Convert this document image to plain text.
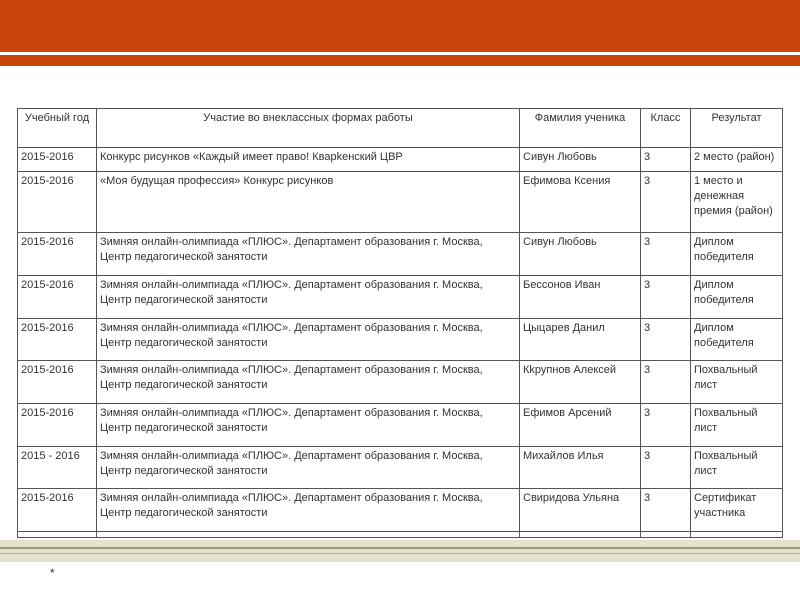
Учебный год	Участие во внеклассных формах работы	Фамилия ученика	Класс	Результат
2015-2016	Конкурс рисунков «Каждый имеет право! Кварkенский ЦВР	Сивун Любовь	3	2 место (район)
2015-2016	«Моя будущая профессия» Конкурс рисунков	Ефимова Ксения	3	1 место и денежная премия (район)
2015-2016	Зимняя онлайн-олимпиада «ПЛЮС». Департамент образования г. Москва, Центр педагогической занятости	Сивун Любовь	3	Диплом победителя
2015-2016	Зимняя онлайн-олимпиада «ПЛЮС». Департамент образования г. Москва, Центр педагогической занятости	Бессонов Иван	3	Диплом победителя
2015-2016	Зимняя онлайн-олимпиада «ПЛЮС». Департамент образования г. Москва, Центр педагогической занятости	Цыцарев Данил	3	Диплом победителя
2015-2016	Зимняя онлайн-олимпиада «ПЛЮС». Департамент образования г. Москва, Центр педагогической занятости	Кkрупнов Алексей	3	Похвальный лист
2015-2016	Зимняя онлайн-олимпиада «ПЛЮС». Департамент образования г. Москва, Центр педагогической занятости	Ефимов Арсений	3	Похвальный лист
2015 - 2016	Зимняя онлайн-олимпиада «ПЛЮС». Департамент образования г. Москва, Центр педагогической занятости	Михайлов Илья	3	Похвальный лист
2015-2016	Зимняя онлайн-олимпиада «ПЛЮС». Департамент образования г. Москва, Центр педагогической занятости	Свиридова Ульяна	3	Сертификат участника

*
